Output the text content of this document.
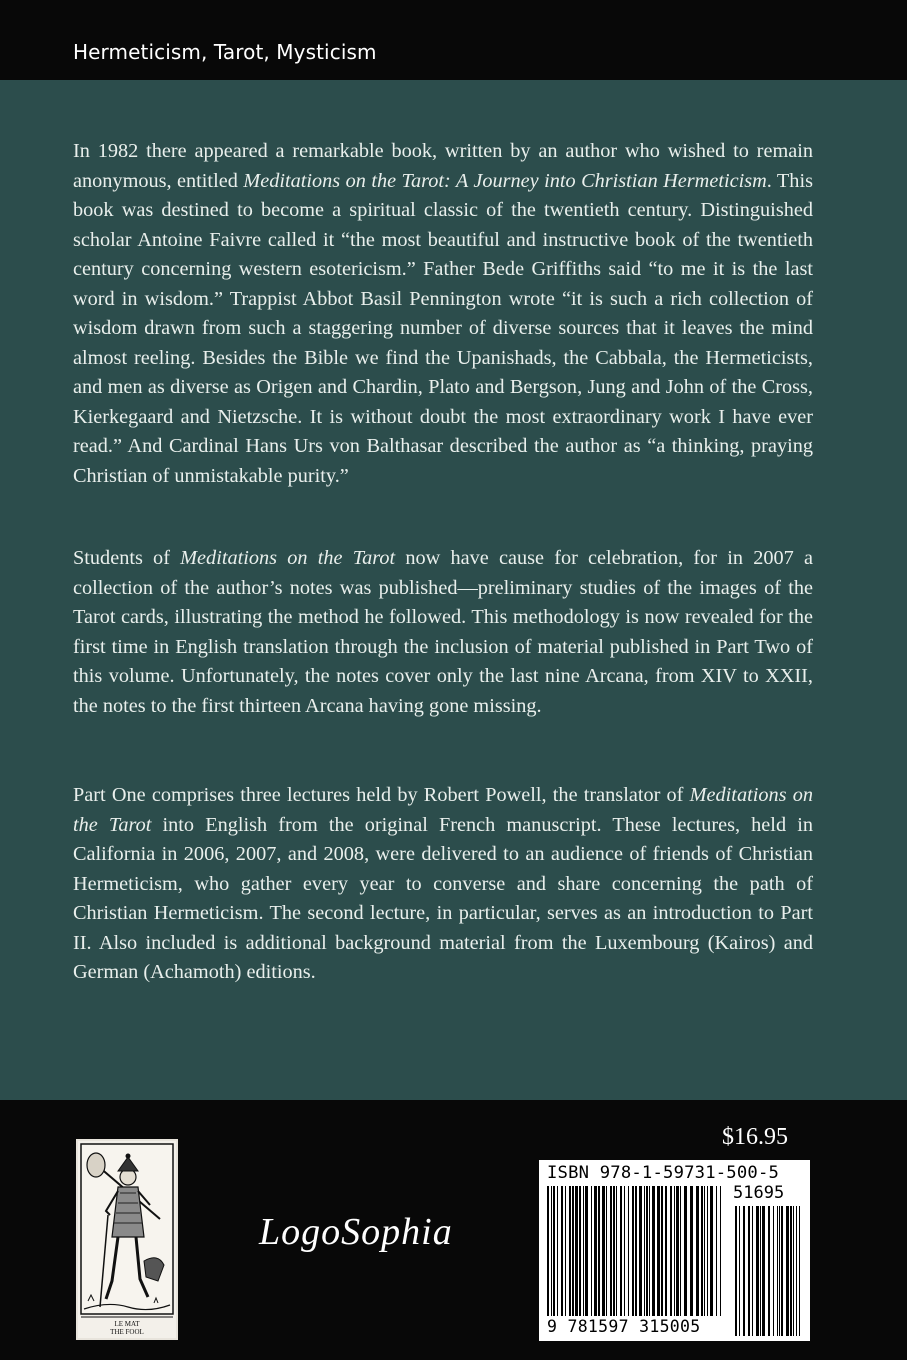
Hermeticism, Tarot, Mysticism

In 1982 there appeared a remarkable book, written by an author who wished to remain anonymous, entitled Meditations on the Tarot: A Journey into Christian Hermeticism. This book was destined to become a spiritual classic of the twentieth century. Distinguished scholar Antoine Faivre called it “the most beautiful and instructive book of the twentieth century concerning western esotericism.” Father Bede Griffiths said “to me it is the last word in wisdom.” Trappist Abbot Basil Pennington wrote “it is such a rich collection of wisdom drawn from such a staggering number of diverse sources that it leaves the mind almost reeling. Besides the Bible we find the Upanishads, the Cabbala, the Hermeticists, and men as diverse as Origen and Chardin, Plato and Bergson, Jung and John of the Cross, Kierkegaard and Nietzsche. It is without doubt the most extraordinary work I have ever read.” And Cardinal Hans Urs von Balthasar described the author as “a thinking, praying Christian of unmistakable purity.”

Students of Meditations on the Tarot now have cause for celebration, for in 2007 a collection of the author’s notes was published—preliminary studies of the images of the Tarot cards, illustrating the method he followed. This methodology is now revealed for the first time in English translation through the inclusion of material published in Part Two of this volume. Unfortunately, the notes cover only the last nine Arcana, from XIV to XXII, the notes to the first thirteen Arcana having gone missing.

Part One comprises three lectures held by Robert Powell, the translator of Meditations on the Tarot into English from the original French manuscript. These lectures, held in California in 2006, 2007, and 2008, were delivered to an audience of friends of Christian Hermeticism, who gather every year to converse and share concerning the path of Christian Hermeticism. The second lecture, in particular, serves as an introduction to Part II. Also included is additional background material from the Luxembourg (Kairos) and German (Achamoth) editions.

LE MAT
THE FOOL
LogoSophia
$16.95
ISBN 978-1-59731-500-5
51695
9 781597 315005
